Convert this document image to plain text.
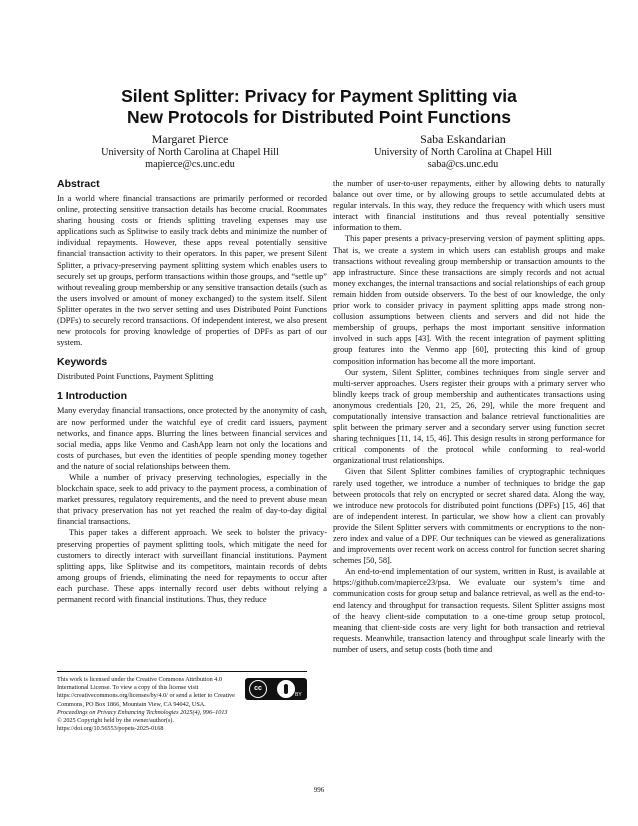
Silent Splitter: Privacy for Payment Splitting via
New Protocols for Distributed Point Functions
Margaret Pierce
University of North Carolina at Chapel Hill
mapierce@cs.unc.edu
Saba Eskandarian
University of North Carolina at Chapel Hill
saba@cs.unc.edu
Abstract

In a world where financial transactions are primarily performed or recorded online, protecting sensitive transaction details has become crucial. Roommates sharing housing costs or friends splitting traveling expenses may use applications such as Splitwise to easily track debts and minimize the number of individual repayments. However, these apps reveal potentially sensitive financial transaction activity to their operators. In this paper, we present Silent Splitter, a privacy-preserving payment splitting system which enables users to securely set up groups, perform transactions within those groups, and “settle up” without revealing group membership or any sensitive transaction details (such as the users involved or amount of money exchanged) to the system itself. Silent Splitter operates in the two server setting and uses Distributed Point Functions (DPFs) to securely record transactions. Of independent interest, we also present new protocols for proving knowledge of properties of DPFs as part of our system.

Keywords

Distributed Point Functions, Payment Splitting

1 Introduction

Many everyday financial transactions, once protected by the anonymity of cash, are now performed under the watchful eye of credit card issuers, payment networks, and finance apps. Blurring the lines between financial services and social media, apps like Venmo and CashApp learn not only the locations and costs of purchases, but even the identities of people spending money together and the nature of social relationships between them.

While a number of privacy preserving technologies, especially in the blockchain space, seek to add privacy to the payment process, a combination of market pressures, regulatory requirements, and the need to prevent abuse mean that privacy preservation has not yet reached the realm of day-to-day digital financial transactions.

This paper takes a different approach. We seek to bolster the privacy-preserving properties of payment splitting tools, which mitigate the need for customers to directly interact with surveillant financial institutions. Payment splitting apps, like Splitwise and its competitors, maintain records of debts among groups of friends, eliminating the need for repayments to occur after each purchase. These apps internally record user debts without relying a permanent record with financial institutions. Thus, they reduce

the number of user-to-user repayments, either by allowing debts to naturally balance out over time, or by allowing groups to settle accumulated debts at regular intervals. In this way, they reduce the frequency with which users must interact with financial institutions and thus reveal potentially sensitive information to them.

This paper presents a privacy-preserving version of payment splitting apps. That is, we create a system in which users can establish groups and make transactions without revealing group membership or transaction amounts to the app infrastructure. Since these transactions are simply records and not actual money exchanges, the internal transactions and social relationships of each group remain hidden from outside observers. To the best of our knowledge, the only prior work to consider privacy in payment splitting apps made strong non-collusion assumptions between clients and servers and did not hide the membership of groups, perhaps the most important sensitive information involved in such apps [43]. With the recent integration of payment splitting group features into the Venmo app [60], protecting this kind of group composition information has become all the more important.

Our system, Silent Splitter, combines techniques from single server and multi-server approaches. Users register their groups with a primary server who blindly keeps track of group membership and authenticates transactions using anonymous credentials [20, 21, 25, 26, 29], while the more frequent and computationally intensive transaction and balance retrieval functionalities are split between the primary server and a secondary server using function secret sharing techniques [11, 14, 15, 46]. This design results in strong performance for critical components of the protocol while conforming to real-world organizational trust relationships.

Given that Silent Splitter combines families of cryptographic techniques rarely used together, we introduce a number of techniques to bridge the gap between protocols that rely on encrypted or secret shared data. Along the way, we introduce new protocols for distributed point functions (DPFs) [15, 46] that are of independent interest. In particular, we show how a client can provably provide the Silent Splitter servers with commitments or encryptions to the non-zero index and value of a DPF. Our techniques can be viewed as generalizations and improvements over recent work on access control for function secret sharing schemes [50, 58].

An end-to-end implementation of our system, written in Rust, is available at https://github.com/mapierce23/psa. We evaluate our system’s time and communication costs for group setup and balance retrieval, as well as the end-to-end latency and throughput for transaction requests. Silent Splitter assigns most of the heavy client-side computation to a one-time group setup protocol, meaning that client-side costs are very light for both transaction and retrieval requests. Meanwhile, transaction latency and throughput scale linearly with the number of users, and setup costs (both time and

This work is licensed under the Creative Commons Attribution 4.0 International License. To view a copy of this license visit https://creativecommons.org/licenses/by/4.0/ or send a letter to Creative Commons, PO Box 1866, Mountain View, CA 94042, USA.
cc
BY
Proceedings on Privacy Enhancing Technologies 2025(4), 996–1013
© 2025 Copyright held by the owner/author(s).
https://doi.org/10.56553/popets-2025-0168
996
